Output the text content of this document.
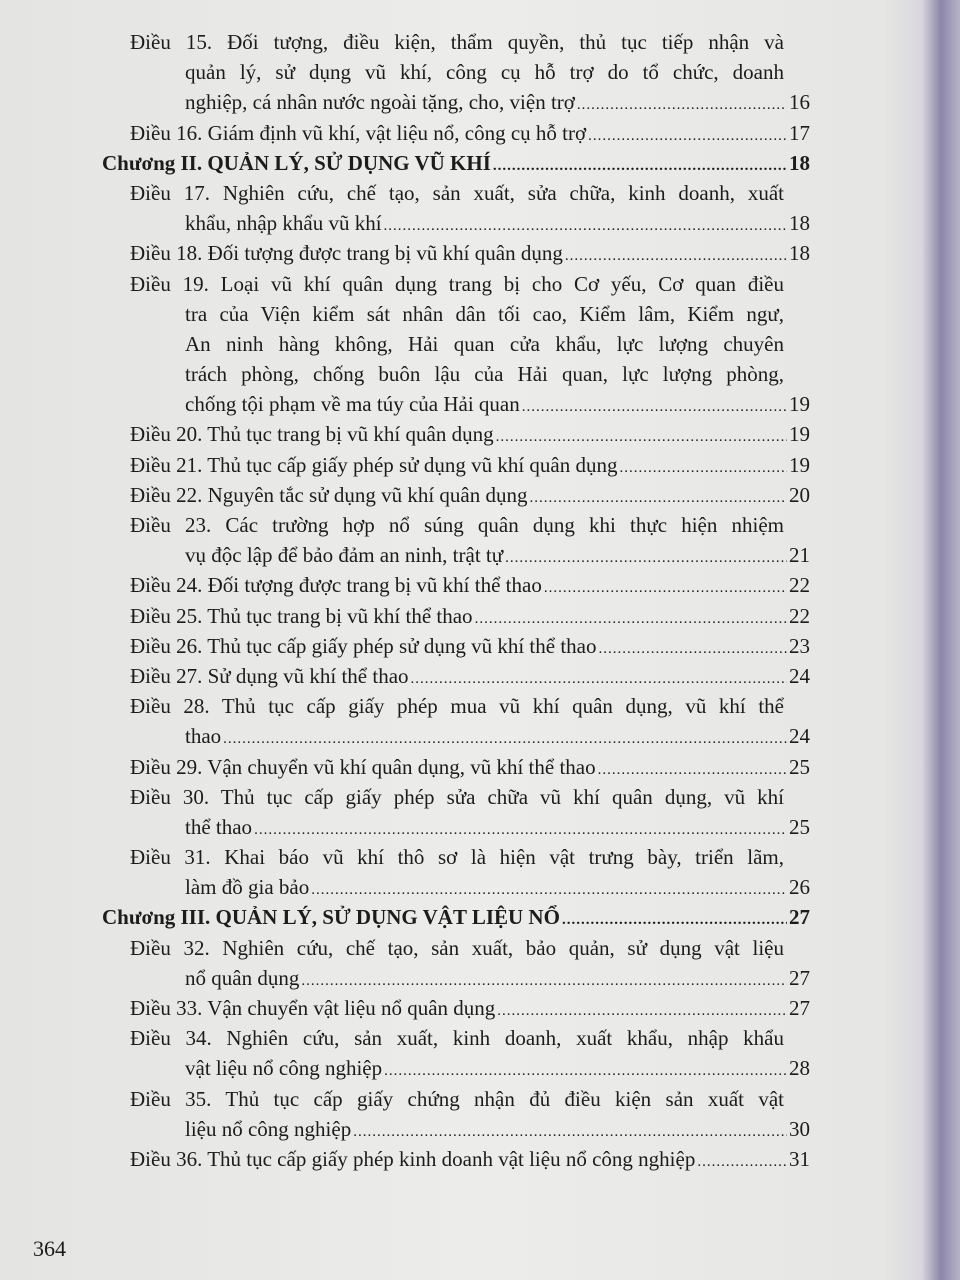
Điều 15. Đối tượng, điều kiện, thẩm quyền, thủ tục tiếp nhận và
quản lý, sử dụng vũ khí, công cụ hỗ trợ do tổ chức, doanh
nghiệp, cá nhân nước ngoài tặng, cho, viện trợ .....	16
Điều 16. Giám định vũ khí, vật liệu nổ, công cụ hỗ trợ .....	17
Chương II. QUẢN LÝ, SỬ DỤNG VŨ KHÍ .....	18
Điều 17. Nghiên cứu, chế tạo, sản xuất, sửa chữa, kinh doanh, xuất
khẩu, nhập khẩu vũ khí .....	18
Điều 18. Đối tượng được trang bị vũ khí quân dụng .....	18
Điều 19. Loại vũ khí quân dụng trang bị cho Cơ yếu, Cơ quan điều
tra của Viện kiểm sát nhân dân tối cao, Kiểm lâm, Kiểm ngư,
An ninh hàng không, Hải quan cửa khẩu, lực lượng chuyên
trách phòng, chống buôn lậu của Hải quan, lực lượng phòng,
chống tội phạm về ma túy của Hải quan .....	19
Điều 20. Thủ tục trang bị vũ khí quân dụng .....	19
Điều 21. Thủ tục cấp giấy phép sử dụng vũ khí quân dụng .....	19
Điều 22. Nguyên tắc sử dụng vũ khí quân dụng .....	20
Điều 23. Các trường hợp nổ súng quân dụng khi thực hiện nhiệm
vụ độc lập để bảo đảm an ninh, trật tự .....	21
Điều 24. Đối tượng được trang bị vũ khí thể thao .....	22
Điều 25. Thủ tục trang bị vũ khí thể thao .....	22
Điều 26. Thủ tục cấp giấy phép sử dụng vũ khí thể thao .....	23
Điều 27. Sử dụng vũ khí thể thao .....	24
Điều 28. Thủ tục cấp giấy phép mua vũ khí quân dụng, vũ khí thể
thao .....	24
Điều 29. Vận chuyển vũ khí quân dụng, vũ khí thể thao .....	25
Điều 30. Thủ tục cấp giấy phép sửa chữa vũ khí quân dụng, vũ khí
thể thao .....	25
Điều 31. Khai báo vũ khí thô sơ là hiện vật trưng bày, triển lãm,
làm đồ gia bảo .....	26
Chương III. QUẢN LÝ, SỬ DỤNG VẬT LIỆU NỔ .....	27
Điều 32. Nghiên cứu, chế tạo, sản xuất, bảo quản, sử dụng vật liệu
nổ quân dụng .....	27
Điều 33. Vận chuyển vật liệu nổ quân dụng .....	27
Điều 34. Nghiên cứu, sản xuất, kinh doanh, xuất khẩu, nhập khẩu
vật liệu nổ công nghiệp .....	28
Điều 35. Thủ tục cấp giấy chứng nhận đủ điều kiện sản xuất vật
liệu nổ công nghiệp .....	30
Điều 36. Thủ tục cấp giấy phép kinh doanh vật liệu nổ công nghiệp .....	31
364
